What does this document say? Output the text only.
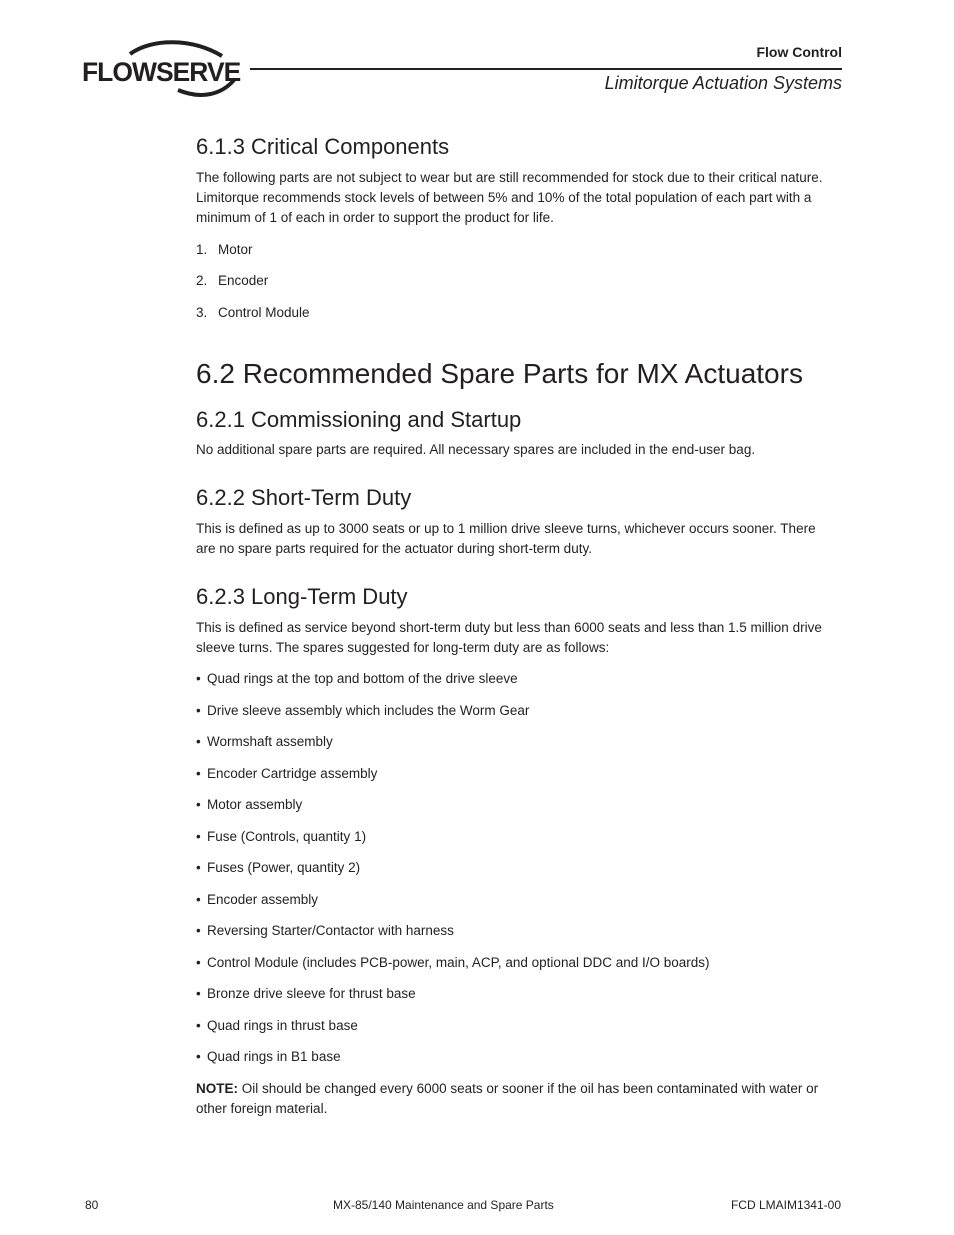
FLOWSERVE
Flow Control
Limitorque Actuation Systems
6.1.3 Critical Components
The following parts are not subject to wear but are still recommended for stock due to their critical nature. Limitorque recommends stock levels of between 5% and 10% of the total population of each part with a minimum of 1 of each in order to support the product for life.
1. Motor
2. Encoder
3. Control Module
6.2 Recommended Spare Parts for MX Actuators
6.2.1 Commissioning and Startup
No additional spare parts are required. All necessary spares are included in the end-user bag.
6.2.2 Short-Term Duty
This is defined as up to 3000 seats or up to 1 million drive sleeve turns, whichever occurs sooner. There are no spare parts required for the actuator during short-term duty.
6.2.3 Long-Term Duty
This is defined as service beyond short-term duty but less than 6000 seats and less than 1.5 million drive sleeve turns. The spares suggested for long-term duty are as follows:
• Quad rings at the top and bottom of the drive sleeve
• Drive sleeve assembly which includes the Worm Gear
• Wormshaft assembly
• Encoder Cartridge assembly
• Motor assembly
• Fuse (Controls, quantity 1)
• Fuses (Power, quantity 2)
• Encoder assembly
• Reversing Starter/Contactor with harness
• Control Module (includes PCB-power, main, ACP, and optional DDC and I/O boards)
• Bronze drive sleeve for thrust base
• Quad rings in thrust base
• Quad rings in B1 base
NOTE: Oil should be changed every 6000 seats or sooner if the oil has been contaminated with water or other foreign material.
80	MX-85/140 Maintenance and Spare Parts	FCD LMAIM1341-00
